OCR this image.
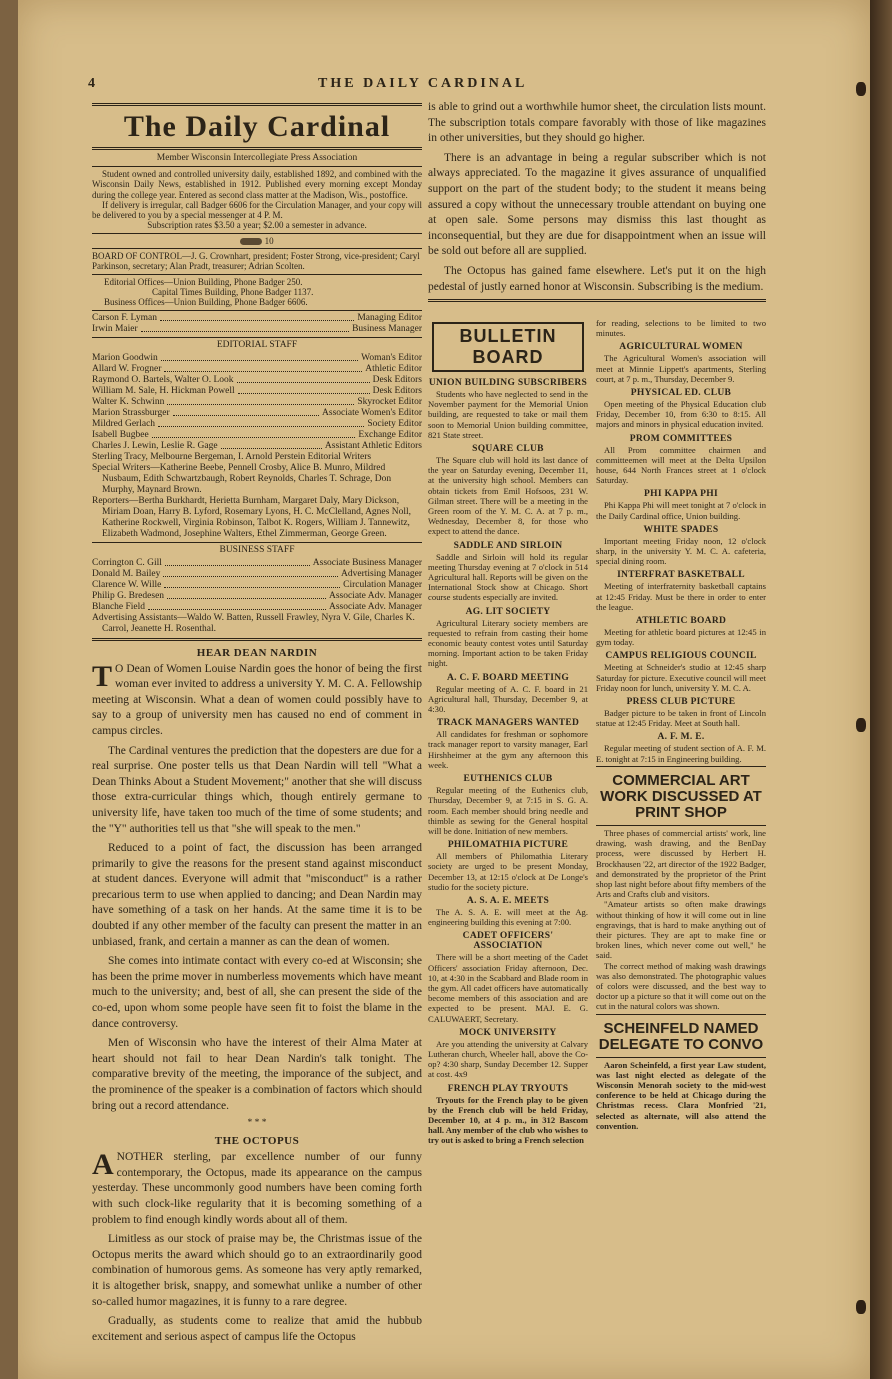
4	THE DAILY CARDINAL
The Daily Cardinal
Member Wisconsin Intercollegiate Press Association
Student owned and controlled university daily, established 1892, and combined with the Wisconsin Daily News, established in 1912. Published every morning except Monday during the college year. Entered as second class matter at the Madison, Wis., postoffice.
If delivery is irregular, call Badger 6606 for the Circulation Manager, and your copy will be delivered to you by a special messenger at 4 P. M.
Subscription rates $3.50 a year; $2.00 a semester in advance.
10
BOARD OF CONTROL—J. G. Crownhart, president; Foster Strong, vice-president; Caryl Parkinson, secretary; Alan Pradt, treasurer; Adrian Scolten.
Editorial Offices—Union Building, Phone Badger 250.
Capital Times Building, Phone Badger 1137.
Business Offices—Union Building, Phone Badger 6606.
Carson F. Lyman	Managing Editor
Irwin Maier	Business Manager
EDITORIAL STAFF
Marion Goodwin	Woman's Editor
Allard W. Frogner	Athletic Editor
Raymond O. Bartels, Walter O. Look	Desk Editors
William M. Sale, H. Hickman Powell	Desk Editors
Walter K. Schwinn	Skyrocket Editor
Marion Strassburger	Associate Women's Editor
Mildred Gerlach	Society Editor
Isabell Bugbee	Exchange Editor
Charles J. Lewin, Leslie R. Gage	Assistant Athletic Editors
Sterling Tracy, Melbourne Bergeman, I. Arnold Perstein Editorial Writers
Special Writers—Katherine Beebe, Pennell Crosby, Alice B. Munro, Mildred Nusbaum, Edith Schwartzbaugh, Robert Reynolds, Charles T. Schrage, Don Murphy, Maynard Brown.
Reporters—Bertha Burkhardt, Herietta Burnham, Margaret Daly, Mary Dickson, Miriam Doan, Harry B. Lyford, Rosemary Lyons, H. C. McClelland, Agnes Noll, Katherine Rockwell, Virginia Robinson, Talbot K. Rogers, William J. Tannewitz, Elizabeth Wadmond, Josephine Walters, Ethel Zimmerman, George Green.
BUSINESS STAFF
Corrington C. Gill	Associate Business Manager
Donald M. Bailey	Advertising Manager
Clarence W. Wille	Circulation Manager
Philip G. Bredesen	Associate Adv. Manager
Blanche Field	Associate Adv. Manager
Advertising Assistants—Waldo W. Batten, Russell Frawley, Nyra V. Gile, Charles K. Carrol, Jeanette H. Rosenthal.
HEAR DEAN NARDIN

T O Dean of Women Louise Nardin goes the honor of being the first woman ever invited to address a university Y. M. C. A. Fellowship meeting at Wisconsin. What a dean of women could possibly have to say to a group of university men has caused no end of comment in campus circles.

The Cardinal ventures the prediction that the dopesters are due for a real surprise. One poster tells us that Dean Nardin will tell "What a Dean Thinks About a Student Movement;" another that she will discuss those extra-curricular things which, though entirely germane to university life, have taken too much of the time of some students; and the "Y" authorities tell us that "she will speak to the men."

Reduced to a point of fact, the discussion has been arranged primarily to give the reasons for the present stand against misconduct at student dances. Everyone will admit that "misconduct" is a rather precarious term to use when applied to dancing; and Dean Nardin may have something of a task on her hands. At the same time it is to be doubted if any other member of the faculty can present the matter in an unbiased, frank, and certain a manner as can the dean of women.

She comes into intimate contact with every co-ed at Wisconsin; she has been the prime mover in numberless movements which have meant much to the university; and, best of all, she can present the side of the co-ed, upon whom some people have seen fit to foist the blame in the dance controversy.

Men of Wisconsin who have the interest of their Alma Mater at heart should not fail to hear Dean Nardin's talk tonight. The comparative brevity of the meeting, the imporance of the subject, and the prominence of the speaker is a combination of factors which should bring out a record attendance.

* * *
THE OCTOPUS

ANOTHER sterling, par excellence number of our funny contemporary, the Octopus, made its appearance on the campus yesterday. These uncommonly good numbers have been coming forth with such clock-like regularity that it is becoming something of a problem to find enough kindly words about all of them.

Limitless as our stock of praise may be, the Christmas issue of the Octopus merits the award which should go to an extraordinarily good combination of humorous gems. As someone has very aptly remarked, it is altogether brisk, snappy, and somewhat unlike a number of other so-called humor magazines, it is funny to a rare degree.

Gradually, as students come to realize that amid the hubbub excitement and serious aspect of campus life the Octopus

is able to grind out a worthwhile humor sheet, the circulation lists mount. The subscription totals compare favorably with those of like magazines in other universities, but they should go higher.

There is an advantage in being a regular subscriber which is not always appreciated. To the magazine it gives assurance of unqualified support on the part of the student body; to the student it means being assured a copy without the unnecessary trouble attendant on buying one at open sale. Some persons may dismiss this last thought as inconsequential, but they are due for disappointment when an issue will be sold out before all are supplied.

The Octopus has gained fame elsewhere. Let's put it on the high pedestal of justly earned honor at Wisconsin. Subscribing is the medium.

BULLETIN BOARD
UNION BUILDING SUBSCRIBERS

Students who have neglected to send in the November payment for the Memorial Union building, are requested to take or mail them soon to Memorial Union building committee, 821 State street.

SQUARE CLUB

The Square club will hold its last dance of the year on Saturday evening, December 11, at the university high school. Members can obtain tickets from Emil Hofsoos, 231 W. Gilman street. There will be a meeting in the Green room of the Y. M. C. A. at 7 p. m., Wednesday, December 8, for those who expect to attend the dance.

SADDLE AND SIRLOIN

Saddle and Sirloin will hold its regular meeting Thursday evening at 7 o'clock in 514 Agricultural hall. Reports will be given on the International Stock show at Chicago. Short course students especially are invited.

AG. LIT SOCIETY

Agricultural Literary society members are requested to refrain from casting their home economic beauty contest votes until Saturday morning. Important action to be taken Friday night.

A. C. F. BOARD MEETING

Regular meeting of A. C. F. board in 21 Agricultural hall, Thursday, December 9, at 4:30.

TRACK MANAGERS WANTED

All candidates for freshman or sophomore track manager report to varsity manager, Earl Hirshheimer at the gym any afternoon this week.

EUTHENICS CLUB

Regular meeting of the Euthenics club, Thursday, December 9, at 7:15 in S. G. A. room. Each member should bring needle and thimble as sewing for the General hospital will be done. Initiation of new members.

PHILOMATHIA PICTURE

All members of Philomathia Literary society are urged to be present Monday, December 13, at 12:15 o'clock at De Longe's studio for the society picture.

A. S. A. E. MEETS

The A. S. A. E. will meet at the Ag. engineering building this evening at 7:00.

CADET OFFICERS' ASSOCIATION

There will be a short meeting of the Cadet Officers' association Friday afternoon, Dec. 10, at 4:30 in the Scabbard and Blade room in the gym. All cadet officers have automatically become members of this association and are expected to be present. MAJ. E. G. CALUWAERT, Secretary.

MOCK UNIVERSITY

Are you attending the university at Calvary Lutheran church, Wheeler hall, above the Co-op? 4:30 sharp, Sunday December 12. Supper at cost. 4x9

FRENCH PLAY TRYOUTS

Tryouts for the French play to be given by the French club will be held Friday, December 10, at 4 p. m., in 312 Bascom hall. Any member of the club who wishes to try out is asked to bring a French selection

for reading, selections to be limited to two minutes.

AGRICULTURAL WOMEN

The Agricultural Women's association will meet at Minnie Lippett's apartments, Sterling court, at 7 p. m., Thursday, December 9.

PHYSICAL ED. CLUB

Open meeting of the Physical Education club Friday, December 10, from 6:30 to 8:15. All majors and minors in physical education invited.

PROM COMMITTEES

All Prom committee chairmen and committeemen will meet at the Delta Upsilon house, 644 North Frances street at 1 o'clock Saturday.

PHI KAPPA PHI

Phi Kappa Phi will meet tonight at 7 o'clock in the Daily Cardinal office, Union building.

WHITE SPADES

Important meeting Friday noon, 12 o'clock sharp, in the university Y. M. C. A. cafeteria, special dining room.

INTERFRAT BASKETBALL

Meeting of interfraternity basketball captains at 12:45 Friday. Must be there in order to enter the league.

ATHLETIC BOARD

Meeting for athletic board pictures at 12:45 in gym today.

CAMPUS RELIGIOUS COUNCIL

Meeting at Schneider's studio at 12:45 sharp Saturday for picture. Executive council will meet Friday noon for lunch, university Y. M. C. A.

PRESS CLUB PICTURE

Badger picture to be taken in front of Lincoln statue at 12:45 Friday. Meet at South hall.

A. F. M. E.

Regular meeting of student section of A. F. M. E. tonight at 7:15 in Engineering building.

COMMERCIAL ART WORK DISCUSSED AT PRINT SHOP

Three phases of commercial artists' work, line drawing, wash drawing, and the BenDay process, were discussed by Herbert H. Brockhausen '22, art director of the 1922 Badger, and demonstrated by the proprietor of the Print shop last night before about fifty members of the Arts and Crafts club and visitors.

"Amateur artists so often make drawings without thinking of how it will come out in line engravings, that is hard to make anything out of their pictures. They are apt to make fine or broken lines, which never come out well," he said.

The correct method of making wash drawings was also demonstrated. The photographic values of colors were discussed, and the best way to doctor up a picture so that it will come out on the cut in the natural colors was shown.

SCHEINFELD NAMED DELEGATE TO CONVO

Aaron Scheinfeld, a first year Law student, was last night elected as delegate of the Wisconsin Menorah society to the mid-west conference to be held at Chicago during the Christmas recess. Clara Monfried '21, selected as alternate, will also attend the convention.
